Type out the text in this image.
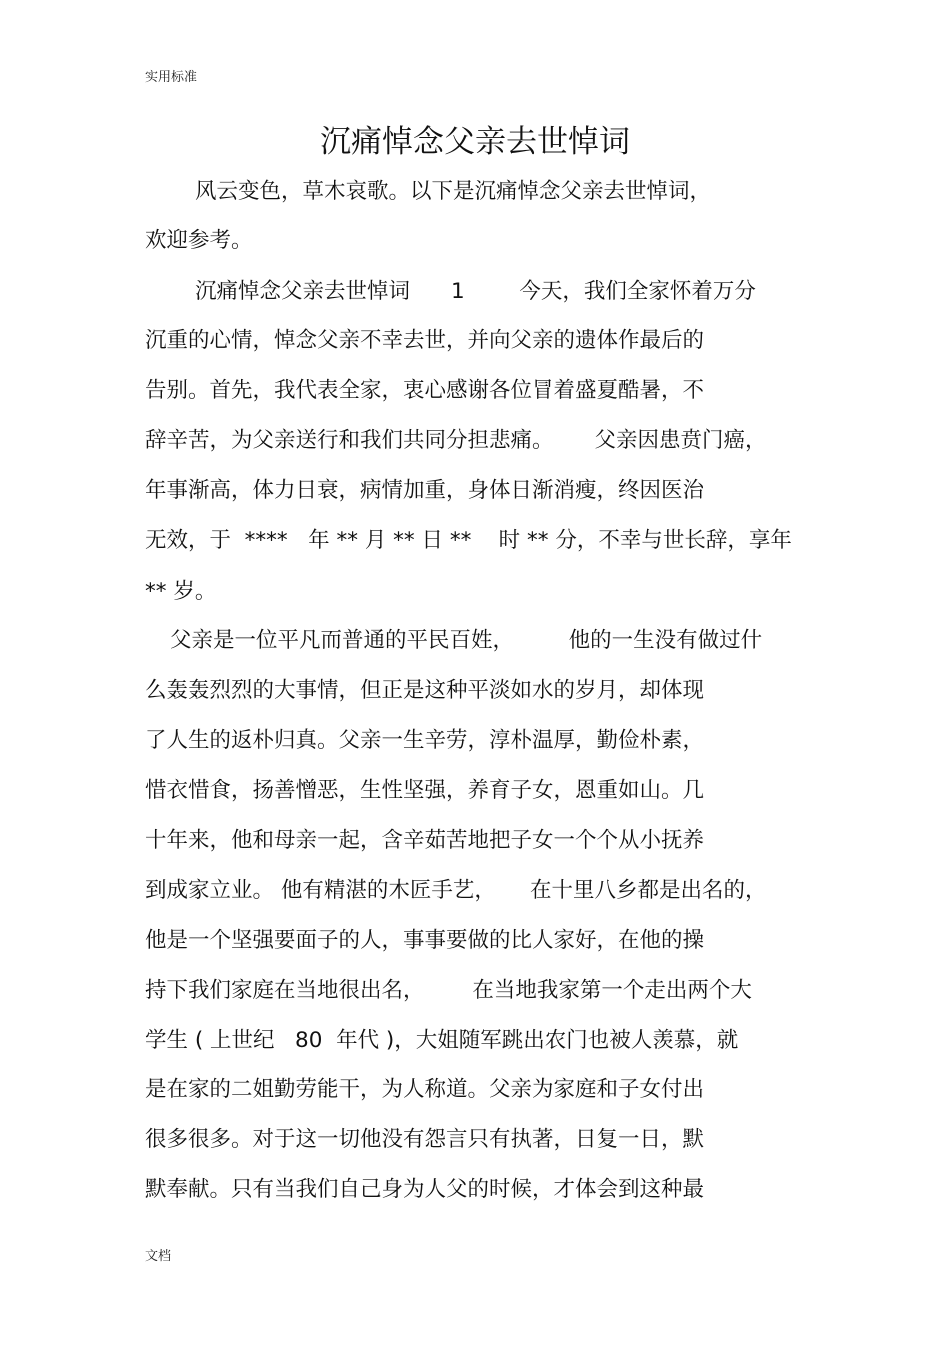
实用标准
沉痛悼念父亲去世悼词
风云变色，草木哀歌。以下是沉痛悼念父亲去世悼词，
欢迎参考。
沉痛悼念父亲去世悼词      1        今天，我们全家怀着万分
沉重的心情，悼念父亲不幸去世，并向父亲的遗体作最后的
告别。首先，我代表全家，衷心感谢各位冒着盛夏酷暑，不
辞辛苦，为父亲送行和我们共同分担悲痛。      父亲因患贲门癌，
年事渐高，体力日衰，病情加重，身体日渐消瘦，终因医治
无效，于  ****   年 ** 月 ** 日 **    时 ** 分，不幸与世长辞，享年
** 岁。
父亲是一位平凡而普通的平民百姓，        他的一生没有做过什
么轰轰烈烈的大事情，但正是这种平淡如水的岁月，却体现
了人生的返朴归真。父亲一生辛劳，淳朴温厚，勤俭朴素，
惜衣惜食，扬善憎恶，生性坚强，养育子女，恩重如山。几
十年来，他和母亲一起，含辛茹苦地把子女一个个从小抚养
到成家立业。 他有精湛的木匠手艺，     在十里八乡都是出名的，
他是一个坚强要面子的人，事事要做的比人家好，在他的操
持下我们家庭在当地很出名，       在当地我家第一个走出两个大
学生 ( 上世纪   80  年代 )，大姐随军跳出农门也被人羡慕，就
是在家的二姐勤劳能干，为人称道。父亲为家庭和子女付出
很多很多。对于这一切他没有怨言只有执著，日复一日，默
默奉献。只有当我们自己身为人父的时候，才体会到这种最
文档
